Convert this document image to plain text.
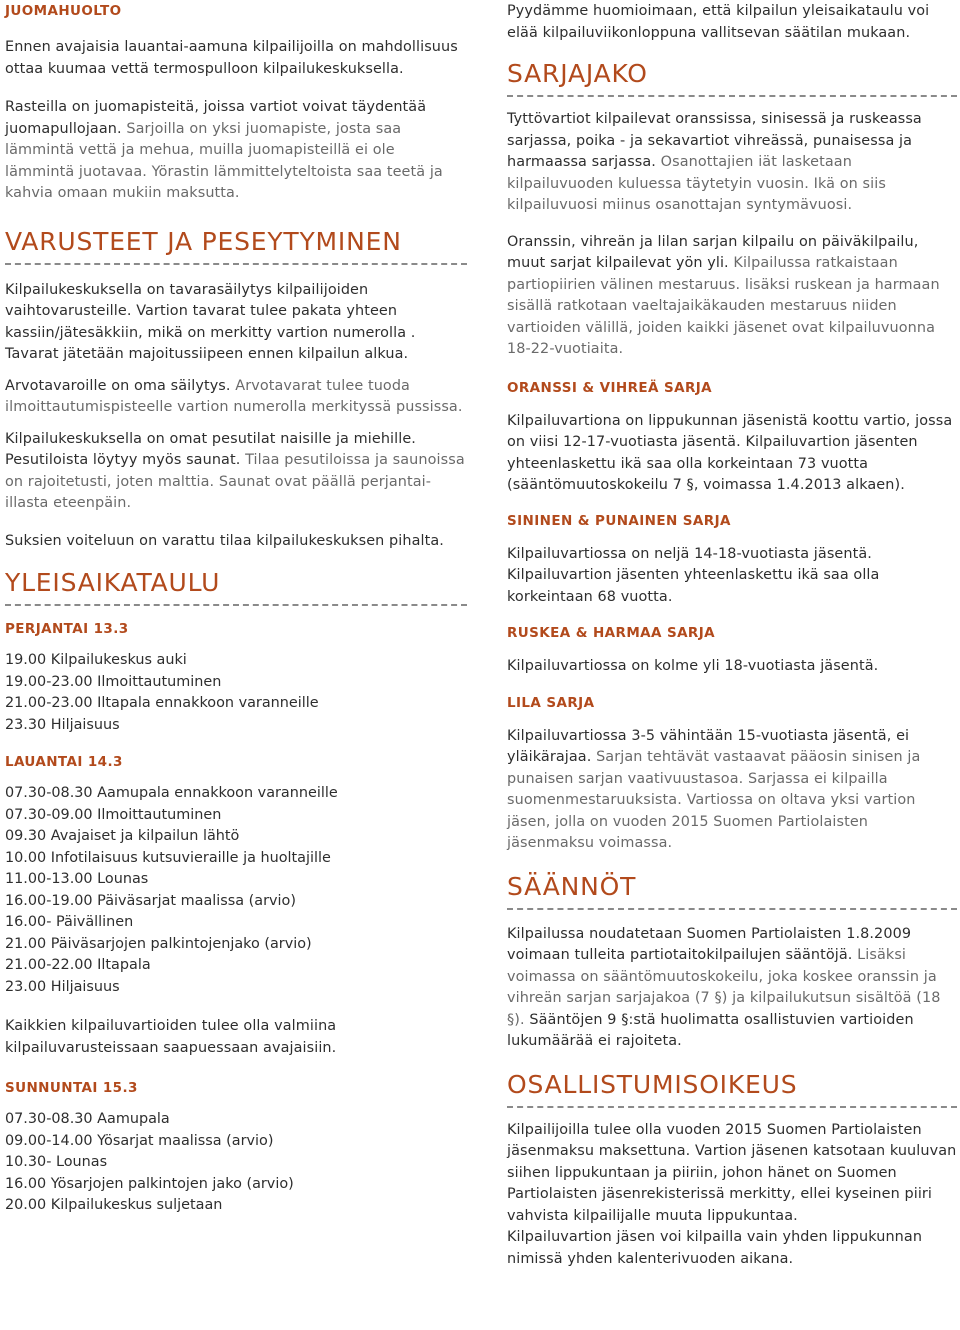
JUOMAHUOLTO

Ennen avajaisia lauantai-aamuna kilpailijoilla on mahdollisuus ottaa kuumaa vettä termospulloon kilpailukeskuksella.

Rasteilla on juomapisteitä, joissa vartiot voivat täydentää juomapullojaan. Sarjoilla on yksi juomapiste, josta saa lämmintä vettä ja mehua, muilla juomapisteillä ei ole lämmintä juotavaa. Yörastin lämmittelyteltoista saa teetä ja kahvia omaan mukiin maksutta.

VARUSTEET JA PESEYTYMINEN

Kilpailukeskuksella on tavarasäilytys kilpailijoiden vaihtovarusteille. Vartion tavarat tulee pakata yhteen kassiin/jätesäkkiin, mikä on merkitty vartion numerolla . Tavarat jätetään majoitussiipeen ennen kilpailun alkua.

Arvotavaroille on oma säilytys. Arvotavarat tulee tuoda ilmoittautumispisteelle vartion numerolla merkityssä pussissa.

Kilpailukeskuksella on omat pesutilat naisille ja miehille. Pesutiloista löytyy myös saunat. Tilaa pesutiloissa ja saunoissa on rajoitetusti, joten malttia. Saunat ovat päällä perjantai-illasta eteenpäin.

Suksien voiteluun on varattu tilaa kilpailukeskuksen pihalta.

YLEISAIKATAULU
PERJANTAI 13.3
19.00 Kilpailukeskus auki
19.00-23.00 Ilmoittautuminen
21.00-23.00 Iltapala ennakkoon varanneille
23.30 Hiljaisuus
LAUANTAI 14.3
07.30-08.30 Aamupala ennakkoon varanneille
07.30-09.00 Ilmoittautuminen
09.30 Avajaiset ja kilpailun lähtö
10.00 Infotilaisuus kutsuvieraille ja huoltajille
11.00-13.00 Lounas
16.00-19.00 Päiväsarjat maalissa (arvio)
16.00- Päivällinen
21.00 Päiväsarjojen palkintojenjako (arvio)
21.00-22.00 Iltapala
23.00 Hiljaisuus

Kaikkien kilpailuvartioiden tulee olla valmiina kilpailuvarusteissaan saapuessaan avajaisiin.

SUNNUNTAI 15.3
07.30-08.30 Aamupala
09.00-14.00 Yösarjat maalissa (arvio)
10.30- Lounas
16.00 Yösarjojen palkintojen jako (arvio)
20.00 Kilpailukeskus suljetaan

Pyydämme huomioimaan, että kilpailun yleisaikataulu voi elää kilpailuviikonloppuna vallitsevan säätilan mukaan.

SARJAJAKO

Tyttövartiot kilpailevat oranssissa, sinisessä ja ruskeassa sarjassa, poika - ja sekavartiot vihreässä, punaisessa ja harmaassa sarjassa. Osanottajien iät lasketaan kilpailuvuoden kuluessa täytetyin vuosin. Ikä on siis kilpailuvuosi miinus osanottajan syntymävuosi.

Oranssin, vihreän ja lilan sarjan kilpailu on päiväkilpailu, muut sarjat kilpailevat yön yli. Kilpailussa ratkaistaan partiopiirien välinen mestaruus. lisäksi ruskean ja harmaan sisällä ratkotaan vaeltajaikäkauden mestaruus niiden vartioiden välillä, joiden kaikki jäsenet ovat kilpailuvuonna 18-22-vuotiaita.

ORANSSI & VIHREÄ SARJA

Kilpailuvartiona on lippukunnan jäsenistä koottu vartio, jossa on viisi 12-17-vuotiasta jäsentä. Kilpailuvartion jäsenten yhteenlaskettu ikä saa olla korkeintaan 73 vuotta (sääntömuutoskokeilu 7 §, voimassa 1.4.2013 alkaen).

SININEN & PUNAINEN SARJA

Kilpailuvartiossa on neljä 14-18-vuotiasta jäsentä. Kilpailuvartion jäsenten yhteenlaskettu ikä saa olla korkeintaan 68 vuotta.

RUSKEA & HARMAA SARJA

Kilpailuvartiossa on kolme yli 18-vuotiasta jäsentä.

LILA SARJA

Kilpailuvartiossa 3-5 vähintään 15-vuotiasta jäsentä, ei yläikärajaa. Sarjan tehtävät vastaavat pääosin sinisen ja punaisen sarjan vaativuustasoa. Sarjassa ei kilpailla suomenmestaruuksista. Vartiossa on oltava yksi vartion jäsen, jolla on vuoden 2015 Suomen Partiolaisten jäsenmaksu voimassa.

SÄÄNNÖT

Kilpailussa noudatetaan Suomen Partiolaisten 1.8.2009 voimaan tulleita partiotaitokilpailujen sääntöjä. Lisäksi voimassa on sääntömuutoskokeilu, joka koskee oranssin ja vihreän sarjan sarjajakoa (7 §) ja kilpailukutsun sisältöä (18 §). Sääntöjen 9 §:stä huolimatta osallistuvien vartioiden lukumäärää ei rajoiteta.

OSALLISTUMISOIKEUS

Kilpailijoilla tulee olla vuoden 2015 Suomen Partiolaisten jäsenmaksu maksettuna. Vartion jäsenen katsotaan kuuluvan siihen lippukuntaan ja piiriin, johon hänet on Suomen Partiolaisten jäsenrekisterissä merkitty, ellei kyseinen piiri vahvista kilpailijalle muuta lippukuntaa.

Kilpailuvartion jäsen voi kilpailla vain yhden lippukunnan nimissä yhden kalenterivuoden aikana.
